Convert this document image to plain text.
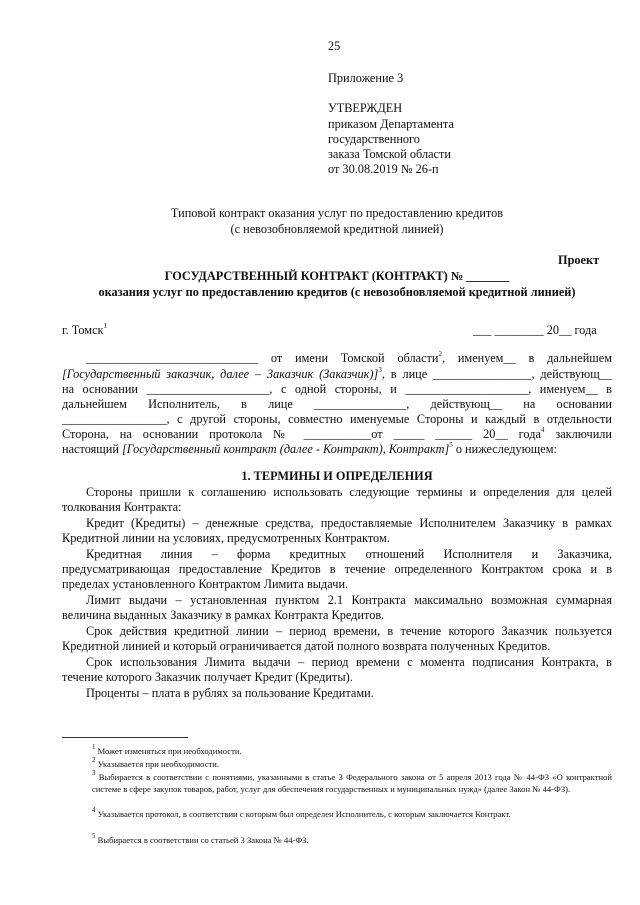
25
Приложение 3
УТВЕРЖДЕН
приказом Департамента
государственного
заказа Томской области
от 30.08.2019 № 26-п
Типовой контракт оказания услуг по предоставлению кредитов
(с невозобновляемой кредитной линией)
Проект
ГОСУДАРСТВЕННЫЙ КОНТРАКТ (КОНТРАКТ) № _______
оказания услуг по предоставлению кредитов (с невозобновляемой кредитной линией)
г. Томск$^1$	___ ________ 20__ года
____________________________ от имени Томской области$^2$, именуем__ в дальнейшем
[Государственный заказчик, далее – Заказчик (Заказчик)]$^3$, в лице ________________, действующ__
на основании ____________________, с одной стороны, и ____________________, именуем__ в
дальнейшем Исполнитель, в лице _______________, действующ__ на основании
_________________, с другой стороны, совместно именуемые Стороны и каждый в отдельности
Сторона, на основании протокола № ___________от _____ ______ 20__ года$^4$ заключили
настоящий [Государственный контракт (далее - Контракт), Контракт]$^5$ о нижеследующем:
1. ТЕРМИНЫ И ОПРЕДЕЛЕНИЯ
Стороны пришли к соглашению использовать следующие термины и определения для целей
толкования Контракта:
Кредит (Кредиты) – денежные средства, предоставляемые Исполнителем Заказчику в рамках
Кредитной линии на условиях, предусмотренных Контрактом.
Кредитная линия – форма кредитных отношений Исполнителя и Заказчика,
предусматривающая предоставление Кредитов в течение определенного Контрактом срока и в
пределах установленного Контрактом Лимита выдачи.
Лимит выдачи – установленная пунктом 2.1 Контракта максимально возможная суммарная
величина выданных Заказчику в рамках Контракта Кредитов.
Срок действия кредитной линии – период времени, в течение которого Заказчик пользуется
Кредитной линией и который ограничивается датой полного возврата полученных Кредитов.
Срок использования Лимита выдачи – период времени с момента подписания Контракта, в
течение которого Заказчик получает Кредит (Кредиты).
Проценты – плата в рублях за пользование Кредитами.
$^1$ Может изменяться при необходимости.
$^2$ Указывается при необходимости.
$^3$ Выбирается в соответствии с понятиями, указанными в статье 3 Федерального закона от 5 апреля 2013 года № 44-ФЗ «О контрактной системе в сфере закупок товаров, работ, услуг для обеспечения государственных и муниципальных нужд» (далее Закон № 44-ФЗ).
$^4$ Указывается протокол, в соответствии с которым был определен Исполнитель, с которым заключается Контракт.
$^5$ Выбирается в соответствии со статьей 3 Закона № 44-ФЗ.
